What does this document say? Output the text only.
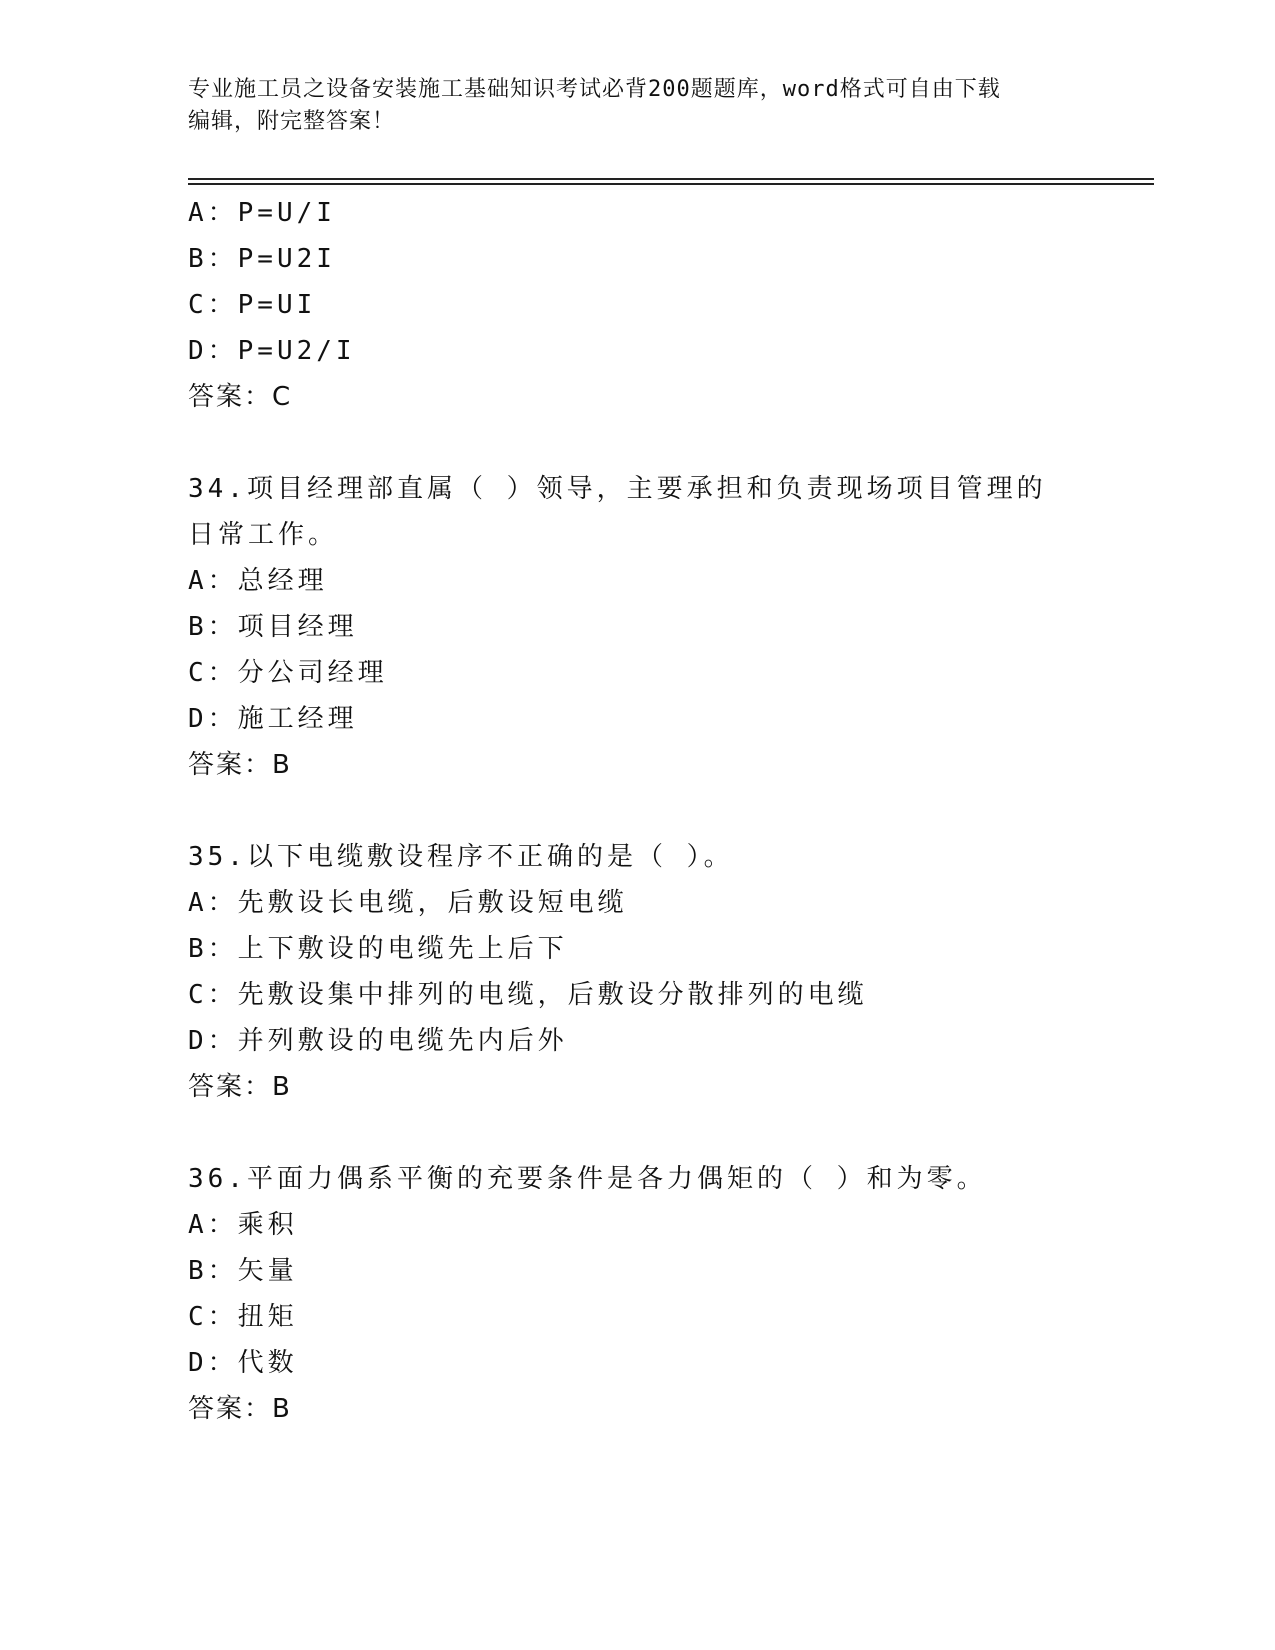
专业施工员之设备安装施工基础知识考试必背200题题库，word格式可自由下载
编辑，附完整答案！
A：P=U/I
B：P=U2I
C：P=UI
D：P=U2/I
答案：C
34.项目经理部直属（ ）领导，主要承担和负责现场项目管理的日常工作。
A：总经理
B：项目经理
C：分公司经理
D：施工经理
答案：B
35.以下电缆敷设程序不正确的是（ ）。
A：先敷设长电缆，后敷设短电缆
B：上下敷设的电缆先上后下
C：先敷设集中排列的电缆，后敷设分散排列的电缆
D：并列敷设的电缆先内后外
答案：B
36.平面力偶系平衡的充要条件是各力偶矩的（ ）和为零。
A：乘积
B：矢量
C：扭矩
D：代数
答案：B
